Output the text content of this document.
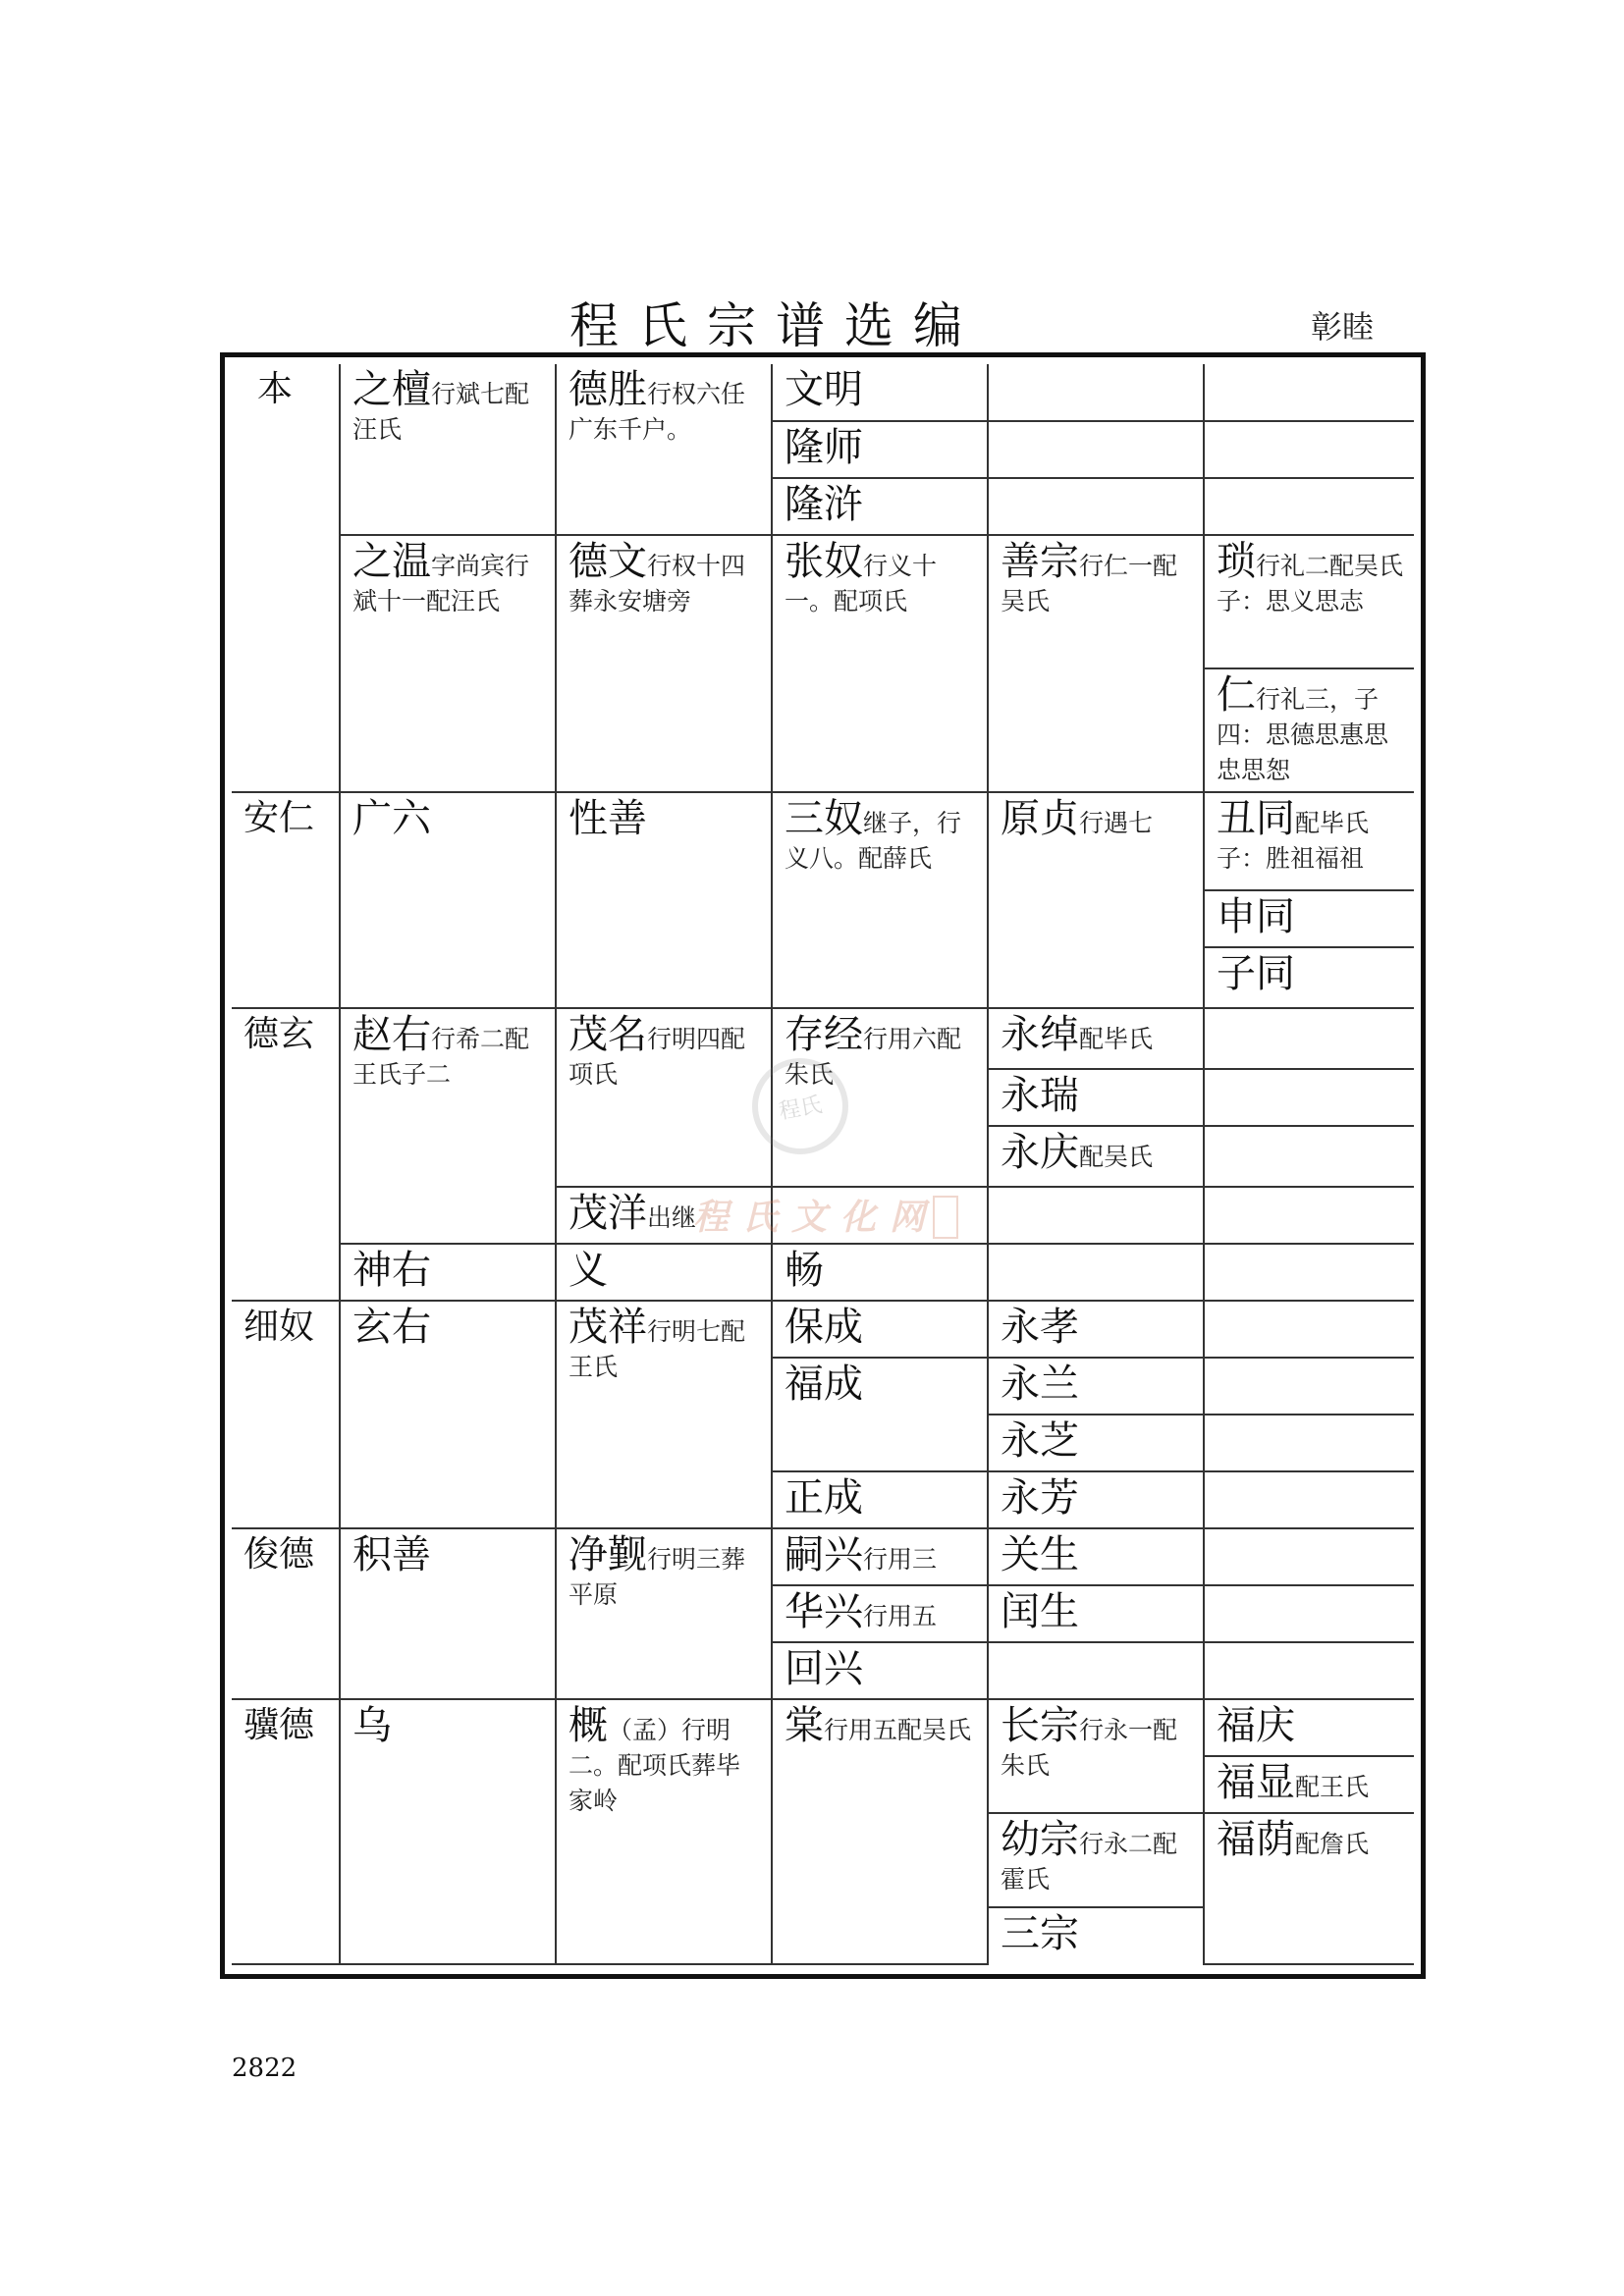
程氏宗谱选编	彰睦
本	之檀行斌七配汪氏	德胜行权六任广东千户。	文明		
			隆师		
			隆浒		
	之温字尚宾行斌十一配汪氏	德文行权十四葬永安塘旁	张奴行义十一。配项氏	善宗行仁一配吴氏	琐行礼二配吴氏子：思义思志
					仁行礼三，子四：思德思惠思忠思恕

安仁	广六	性善	三奴继子，行义八。配薛氏	原贞行遇七	丑同配毕氏子：胜祖福祖
					申同
					子同

德玄	赵右行希二配王氏子二	茂名行明四配项氏	存经行用六配朱氏	永绰配毕氏	
				永瑞	
				永庆配吴氏	
		茂洋出继			
	神右	义	畅		

细奴	玄右	茂祥行明七配王氏	保成	永孝	
			福成	永兰	
				永芝	
			正成	永芳	

俊德	积善	净觐行明三葬平原	嗣兴行用三	关生	
			华兴行用五	闰生	
			回兴		

骥德	乌	概（孟）行明二。配项氏葬毕家岭	棠行用五配吴氏	长宗行永一配朱氏	福庆
					福显配王氏
				幼宗行永二配霍氏	福荫配詹氏
				三宗	
程氏
程氏文化网
2822
